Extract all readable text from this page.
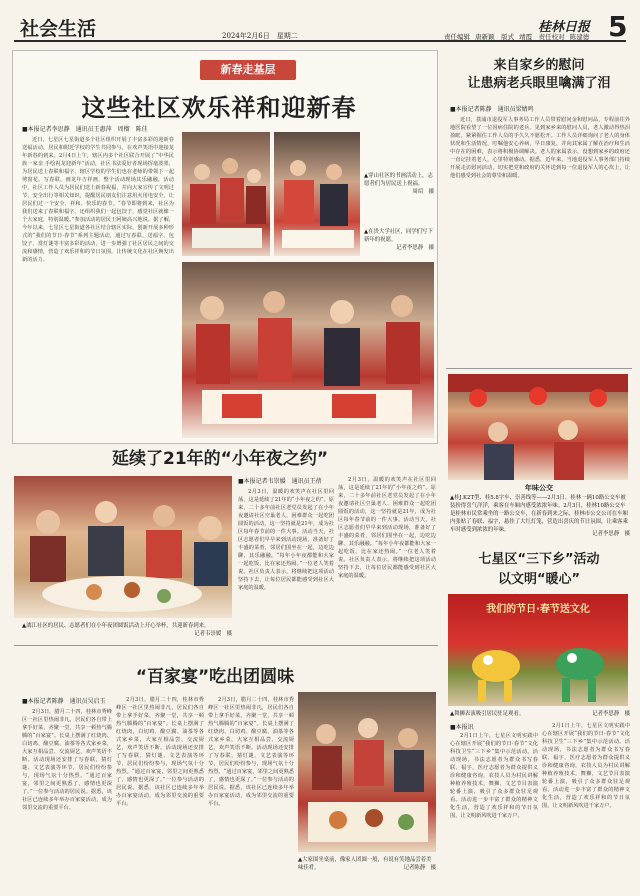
社会生活	2024年2月6日　星期二	责任编辑 唐新颖　版式 靖霞　责任校对 陈建德
桂林日报 5
新春走基层
这些社区欢乐祥和迎新春
■本报记者李思静　通讯员王惠萍　周榴　陈佳
近日，七星区七星街道多个社区组织开展了丰富多彩的迎新春送福活动，居民和附近学校的学生共同参与，在欢声笑语中迎接龙年新春的到来。2月4日上午，辖区内多个社区联合开展了“中华民族一家亲 手绘祝龙迎新年”活动，社区书法爱好者现场挥毫泼墨，为居民送上春联和福字，辖区学校的学生们也在老师的带领下一起剪窗花、写春联、画龙年吉祥画，整个活动现场其乐融融。活动中，社区工作人员为居民们送上新春祝福，并向大家宣传了文明过节、安全出行等相关知识，提醒居民朋友们注意用火用电安全，让居民们过一个安全、祥和、快乐的春节。“春节即将到来，社区为我们送来了春联和福字，还组织我们一起包饺子，感觉社区就像一个大家庭，特别温暖。”参加活动的居民王阿姨高兴地说。据了解，今年以来，七星区七星街道各社区结合辖区实际，创新开展多种形式的“我们的节日·春节”系列主题活动，通过写春联、送福字、包饺子、赏灯谜等丰富多彩的活动，进一步增强了社区居民之间的交流和感情，营造了欢乐祥和的节日氛围，让传统文化在社区焕发出新的活力。
▲穿山社区的书画活动上，志愿者们为居民送上祝福。

周绍　摄
▲在贵大学社区，同学们写下新年的祝愿。

记者李思静　摄
延续了21年的“小年夜之约”
▲漓江社区的居民、志愿者们在小年夜团圆饭活动上开心举杯，共迎新春到来。
记者韦崇媛　摄
■本报记者韦崇媛　通讯员王蓓
2月3日，温暖的欢笑声在社区里回荡，这是延续了21年的“小年夜之约”。原来，二十多年前社区老党员发起了在小年夜邀请社区空巢老人、困难群众一起吃团圆饭的活动，这一坚持就是21年，成为社区每年春节前的一件大事。活动当天，社区志愿者们早早来到活动现场，准备好了丰盛的菜肴，邻居们围坐在一起，边吃边聊，其乐融融。“每年小年夜都能和大家一起吃饭，比在家还热闹。”一位老人笑着说。社区负责人表示，将继续把这项活动坚持下去，让每位居民都能感受到社区大家庭的温暖。
2月3日，温暖的欢笑声在社区里回荡，这是延续了21年的“小年夜之约”。原来，二十多年前社区老党员发起了在小年夜邀请社区空巢老人、困难群众一起吃团圆饭的活动，这一坚持就是21年，成为社区每年春节前的一件大事。活动当天，社区志愿者们早早来到活动现场，准备好了丰盛的菜肴，邻居们围坐在一起，边吃边聊，其乐融融。“每年小年夜都能和大家一起吃饭，比在家还热闹。”一位老人笑着说。社区负责人表示，将继续把这项活动坚持下去，让每位居民都能感受到社区大家庭的温暖。
“百家宴”吃出团圆味
■本报记者陈静　通讯员吴启玉
2月3日，腊月二十四，桂林市秀峰区一社区里热闹非凡，居民们各自带上拿手好菜，齐聚一堂，共享一顿热气腾腾的“百家宴”。长桌上摆满了红烧肉、白切鸡、酿豆腐、油茶等各式家乡菜，大家互相品尝、交流厨艺，欢声笑语不断。活动现场还安排了写春联、猜灯谜、文艺表演等环节，居民们纷纷参与，现场气氛十分热烈。“通过百家宴，邻里之间更熟悉了，感情也更深了。”一位参与活动的居民说。据悉，该社区已连续多年举办百家宴活动，成为邻里交流的重要平台。
2月3日，腊月二十四，桂林市秀峰区一社区里热闹非凡，居民们各自带上拿手好菜，齐聚一堂，共享一顿热气腾腾的“百家宴”。长桌上摆满了红烧肉、白切鸡、酿豆腐、油茶等各式家乡菜，大家互相品尝、交流厨艺，欢声笑语不断。活动现场还安排了写春联、猜灯谜、文艺表演等环节，居民们纷纷参与，现场气氛十分热烈。“通过百家宴，邻里之间更熟悉了，感情也更深了。”一位参与活动的居民说。据悉，该社区已连续多年举办百家宴活动，成为邻里交流的重要平台。
2月3日，腊月二十四，桂林市秀峰区一社区里热闹非凡，居民们各自带上拿手好菜，齐聚一堂，共享一顿热气腾腾的“百家宴”。长桌上摆满了红烧肉、白切鸡、酿豆腐、油茶等各式家乡菜，大家互相品尝、交流厨艺，欢声笑语不断。活动现场还安排了写春联、猜灯谜、文艺表演等环节，居民们纷纷参与，现场气氛十分热烈。“通过百家宴，邻里之间更熟悉了，感情也更深了。”一位参与活动的居民说。据悉，该社区已连续多年举办百家宴活动，成为邻里交流的重要平台。
▲大家围坐桌前，像家人团圆一般，有说有笑地品尝着美味佳肴。	记者陈静　摄
来自家乡的慰问
让患病老兵眼里噙满了泪
■本报记者陈静　通讯员梁婧鸣
近日，荔浦市退役军人事务局工作人员带着慰问金和慰问品，专程前往外地医院看望了一位因病住院的老兵。见到家乡来的慰问人员，老人激动得热泪盈眶，紧紧握住工作人员的手久久不愿松开。工作人员详细询问了老人的身体状况和生活情况，叮嘱他安心养病，早日康复，并向其家属了解在治疗和生活中存在的困难，表示将积极协调解决。老人的家属表示，没想到家乡的政府还一直记挂着老人，心里特别感动。据悉，近年来，当地退役军人事务部门持续开展走访慰问活动，切实把党和政府的关怀送到每一位退役军人的心坎上，让他们感受到社会的尊崇和温暖。
年味公交
▲桂J.K2T型、桂5.8字车、崇善线等——2月3日，桂林一辆10路公交车被装扮得喜气洋洋，乘客在车厢内感受浓浓年味。2月3日，桂林10路公交车是桂林市民常乘坐的一路公交车，在新春到来之际，桂林市公交公司在车厢内张贴了春联、福字，悬挂了大红灯笼，营造出喜庆的节日氛围，让乘客乘车时感受到浓浓的年味。
记者李思静　摄
七星区“三下乡”活动
以文明“暖心”
我们的节日·春节送文化
▲舞狮表演吸引居民驻足观看。	记者李思静　摄
■本报讯
2月1日上午，七星区文明实践中心在辖区开展“我们的节日·春节”文化科技卫生“三下乡”集中示范活动。活动现场，书法志愿者为群众书写春联、福字，医疗志愿者为群众提供义诊和健康咨询，农技人员为村民讲解种植养殖技术，舞狮、文艺节目表演轮番上演，吸引了众多群众驻足观看。活动进一步丰富了群众的精神文化生活，营造了欢乐祥和的节日氛围，让文明新风吹进千家万户。
2月1日上午，七星区文明实践中心在辖区开展“我们的节日·春节”文化科技卫生“三下乡”集中示范活动。活动现场，书法志愿者为群众书写春联、福字，医疗志愿者为群众提供义诊和健康咨询，农技人员为村民讲解种植养殖技术，舞狮、文艺节目表演轮番上演，吸引了众多群众驻足观看。活动进一步丰富了群众的精神文化生活，营造了欢乐祥和的节日氛围，让文明新风吹进千家万户。
